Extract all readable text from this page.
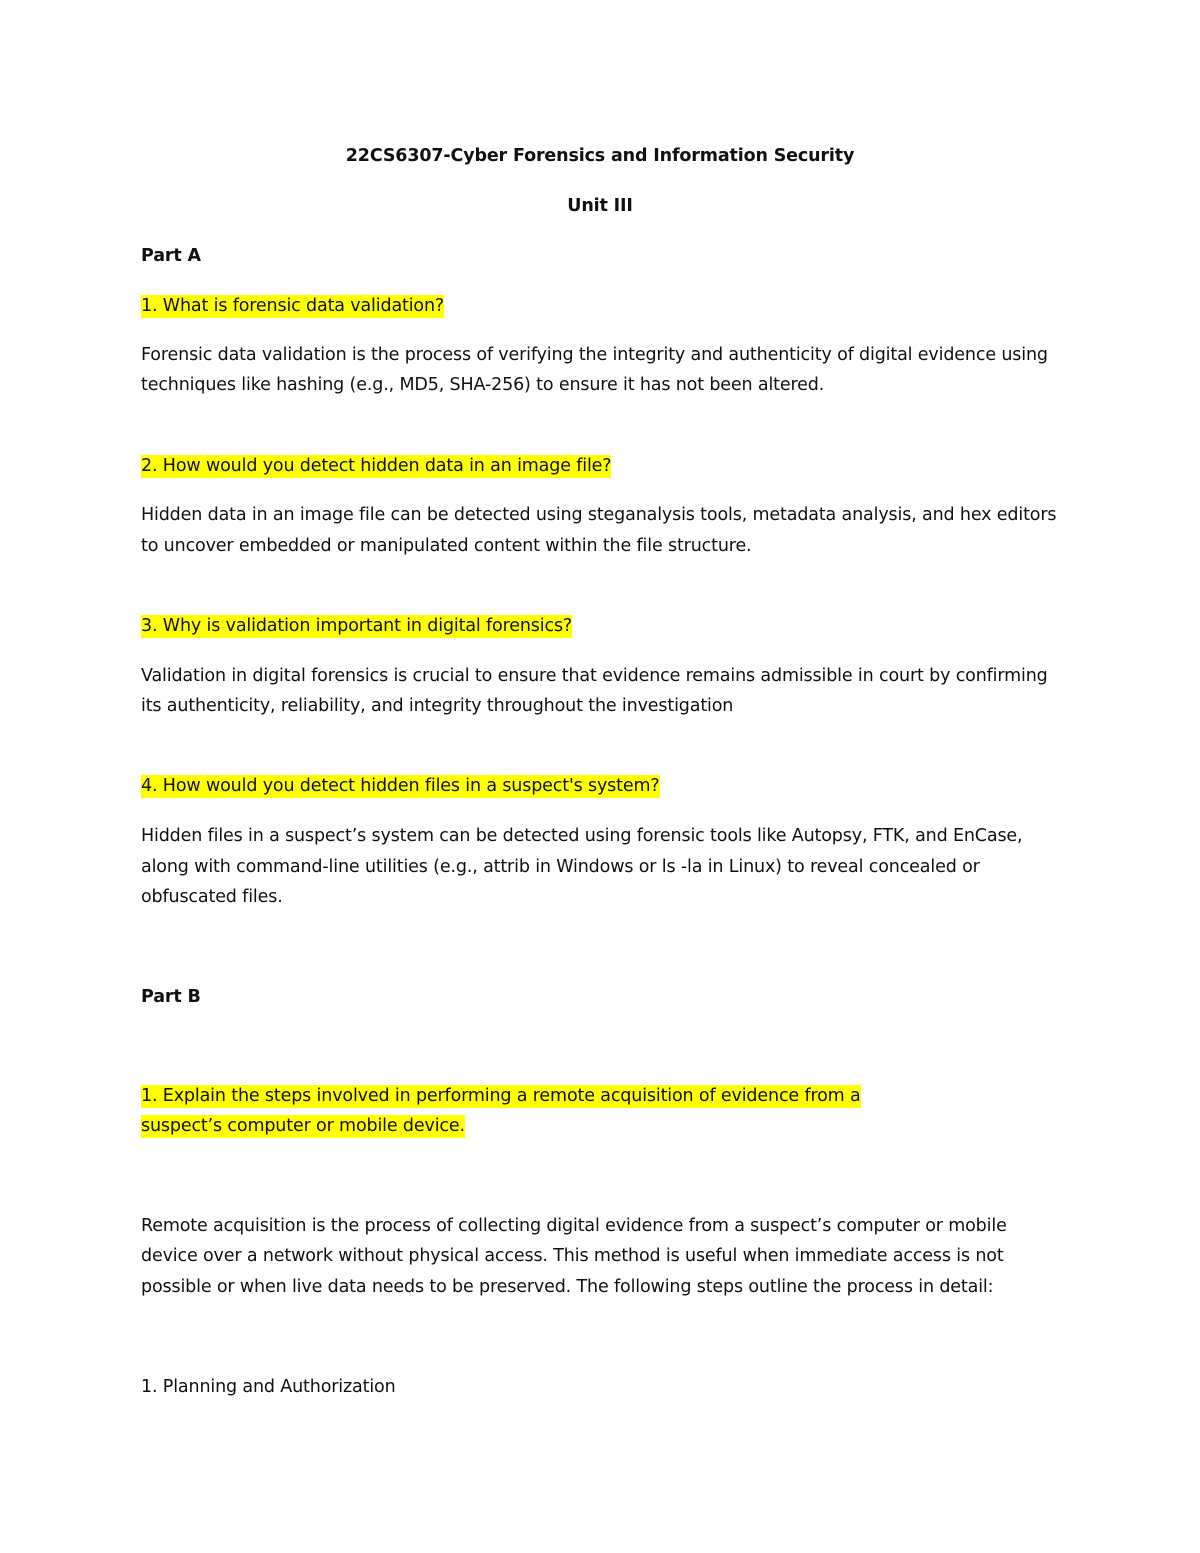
22CS6307-Cyber Forensics and Information Security
Unit III
Part A
1. What is forensic data validation?
Forensic data validation is the process of verifying the integrity and authenticity of digital evidence using
techniques like hashing (e.g., MD5, SHA-256) to ensure it has not been altered.
2. How would you detect hidden data in an image file?
Hidden data in an image file can be detected using steganalysis tools, metadata analysis, and hex editors
to uncover embedded or manipulated content within the file structure.
3. Why is validation important in digital forensics?
Validation in digital forensics is crucial to ensure that evidence remains admissible in court by confirming
its authenticity, reliability, and integrity throughout the investigation
4. How would you detect hidden files in a suspect's system?
Hidden files in a suspect’s system can be detected using forensic tools like Autopsy, FTK, and EnCase,
along with command-line utilities (e.g., attrib in Windows or ls -la in Linux) to reveal concealed or
obfuscated files.
Part B
1. Explain the steps involved in performing a remote acquisition of evidence from a
suspect’s computer or mobile device.
Remote acquisition is the process of collecting digital evidence from a suspect’s computer or mobile
device over a network without physical access. This method is useful when immediate access is not
possible or when live data needs to be preserved. The following steps outline the process in detail:
1. Planning and Authorization
